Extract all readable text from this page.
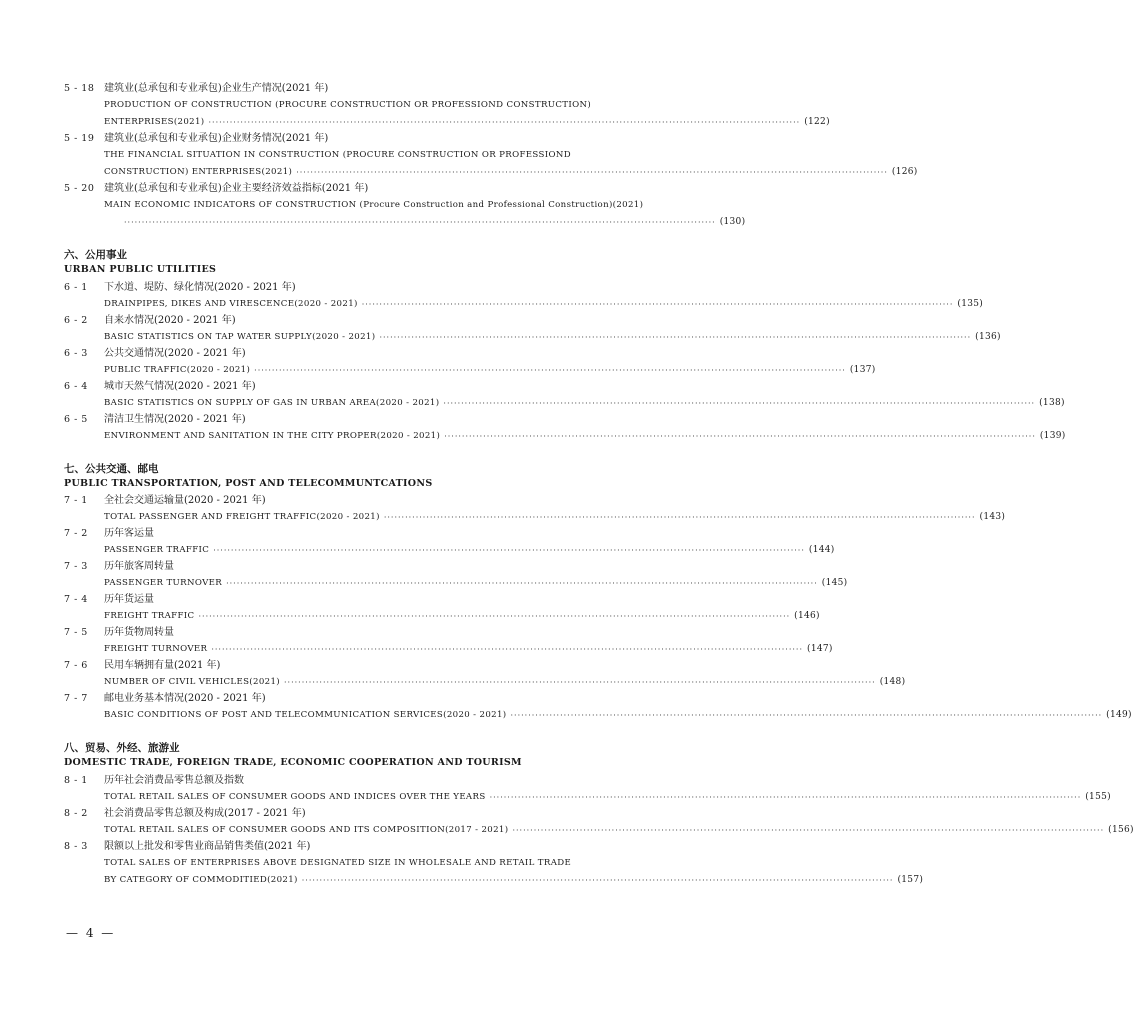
5 - 18 建筑业(总承包和专业承包)企业生产情况(2021 年)
PRODUCTION OF CONSTRUCTION (PROCURE CONSTRUCTION OR PROFESSIOND CONSTRUCTION)
ENTERPRISES(2021) ······································································································································································· (122)
5 - 19 建筑业(总承包和专业承包)企业财务情况(2021 年)
THE FINANCIAL SITUATION IN CONSTRUCTION (PROCURE CONSTRUCTION OR PROFESSIOND
CONSTRUCTION) ENTERPRISES(2021) ······································································································································································· (126)
5 - 20 建筑业(总承包和专业承包)企业主要经济效益指标(2021 年)
MAIN ECONOMIC INDICATORS OF CONSTRUCTION (Procure Construction and Professional Construction)(2021)
······································································································································································· (130)
六、公用事业
URBAN PUBLIC UTILITIES
6 - 1 下水道、堤防、绿化情况(2020 - 2021 年)
DRAINPIPES, DIKES AND VIRESCENCE(2020 - 2021) ······································································································································································· (135)
6 - 2 自来水情况(2020 - 2021 年)
BASIC STATISTICS ON TAP WATER SUPPLY(2020 - 2021) ······································································································································································· (136)
6 - 3 公共交通情况(2020 - 2021 年)
PUBLIC TRAFFIC(2020 - 2021) ······································································································································································· (137)
6 - 4 城市天然气情况(2020 - 2021 年)
BASIC STATISTICS ON SUPPLY OF GAS IN URBAN AREA(2020 - 2021) ······································································································································································· (138)
6 - 5 清洁卫生情况(2020 - 2021 年)
ENVIRONMENT AND SANITATION IN THE CITY PROPER(2020 - 2021) ······································································································································································· (139)
七、公共交通、邮电
PUBLIC TRANSPORTATION, POST AND TELECOMMUNTCATIONS
7 - 1 全社会交通运输量(2020 - 2021 年)
TOTAL PASSENGER AND FREIGHT TRAFFIC(2020 - 2021) ······································································································································································· (143)
7 - 2 历年客运量
PASSENGER TRAFFIC ······································································································································································· (144)
7 - 3 历年旅客周转量
PASSENGER TURNOVER ······································································································································································· (145)
7 - 4 历年货运量
FREIGHT TRAFFIC ······································································································································································· (146)
7 - 5 历年货物周转量
FREIGHT TURNOVER ······································································································································································· (147)
7 - 6 民用车辆拥有量(2021 年)
NUMBER OF CIVIL VEHICLES(2021) ······································································································································································· (148)
7 - 7 邮电业务基本情况(2020 - 2021 年)
BASIC CONDITIONS OF POST AND TELECOMMUNICATION SERVICES(2020 - 2021) ······································································································································································· (149)
八、贸易、外经、旅游业
DOMESTIC TRADE, FOREIGN TRADE, ECONOMIC COOPERATION AND TOURISM
8 - 1 历年社会消费品零售总额及指数
TOTAL RETAIL SALES OF CONSUMER GOODS AND INDICES OVER THE YEARS ······································································································································································· (155)
8 - 2 社会消费品零售总额及构成(2017 - 2021 年)
TOTAL RETAIL SALES OF CONSUMER GOODS AND ITS COMPOSITION(2017 - 2021) ······································································································································································· (156)
8 - 3 限额以上批发和零售业商品销售类值(2021 年)
TOTAL SALES OF ENTERPRISES ABOVE DESIGNATED SIZE IN WHOLESALE AND RETAIL TRADE
BY CATEGORY OF COMMODITIED(2021) ······································································································································································· (157)
— 4 —
